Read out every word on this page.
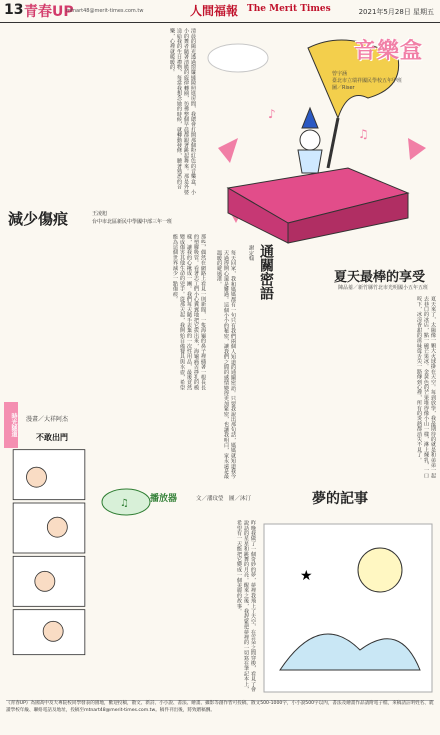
13 青春UP
mtnart48@merit-times.com.tw	人間福報 The Merit Times	2021年5月28日 星期五
清晨的陽光透過窗簾縫隙照進房間，我總會打開那個粉紅色的音樂盒，小小的舞者隨著清脆的旋律轉圈，彷彿整個早晨都跟著跳起舞來。那是外婆送給我的生日禮物，每當我想念她的時候，就轉動發條，聽著熟悉的音樂，心裡就暖暖的。
♪
♫
音樂盒
曾宇涵
臺北市立瑞祥國民學校五年甲班
圖／Riser
減少傷痕	王凌旭
台中市北區新民中學國中部三年一班
那些，偶然在網路上看見一則新聞，一隻海龜的鼻子裡插著一根長長的塑膠吸管。看著志工們小心翼翼地把它拔出來，海龜痛苦掙扎的模樣，讓我的心揪成一團。我們每天隨手丟棄的一次性用品，最後竟然變成傷害其他生命的兇手。從那天起，我開始自備餐具與水壺，希望能為這個世界減少一點傷痕。
時光隧道 漫畫／大祥阿杰
不敢出門
通關密語
謝定翰
每天回家，我和媽媽都有一句只有我們兩個人知道的通關密語。只要我說出那句話，媽媽就知道我今天過得開心還是難過。這個小小的秘密，讓我們之間的感情變得更加緊密，也讓我明白，家永遠是最溫暖的避風港。	夏天最棒的享受
陳品蓁／新竹縣竹北市光明國小五年五班
夏天來了，太陽像一顆大火球掛在天空。每到放學，我最期待的就是和弟弟一起去巷口的冰店，點一碗芒果冰。金黃色的芒果堆得像小山一樣，淋上煉乳，一口咬下，冰涼香甜的滋味從舌尖一路傳到心裡，所有的炎熱都消失不見了。
♫ 播放器	文／潘玟瑩　圖／沐汀	夢的記事
昨晚我做了一個奇妙的夢，夢裡我飛上了天空，在雲朵之間穿梭，看見了會說話的星星和跳舞的月亮。醒來之後，我趕緊把夢裡的一切寫在筆記本上，希望有一天能把它變成一個美麗的故事。	★
《青春UP》為國高中及大專院校同學發表的園地，歡迎投稿，散文、新詩、小小說、書法、繪畫、攝影等創作皆可投稿，散文500-1000字，小小說500字以內，書法及繪畫作品請附電子檔，來稿請註明姓名、就讀學校年級、聯絡電話及地址，投稿至mtnart48@merit-times.com.tw。稿件刊出後，將致贈稿酬。
